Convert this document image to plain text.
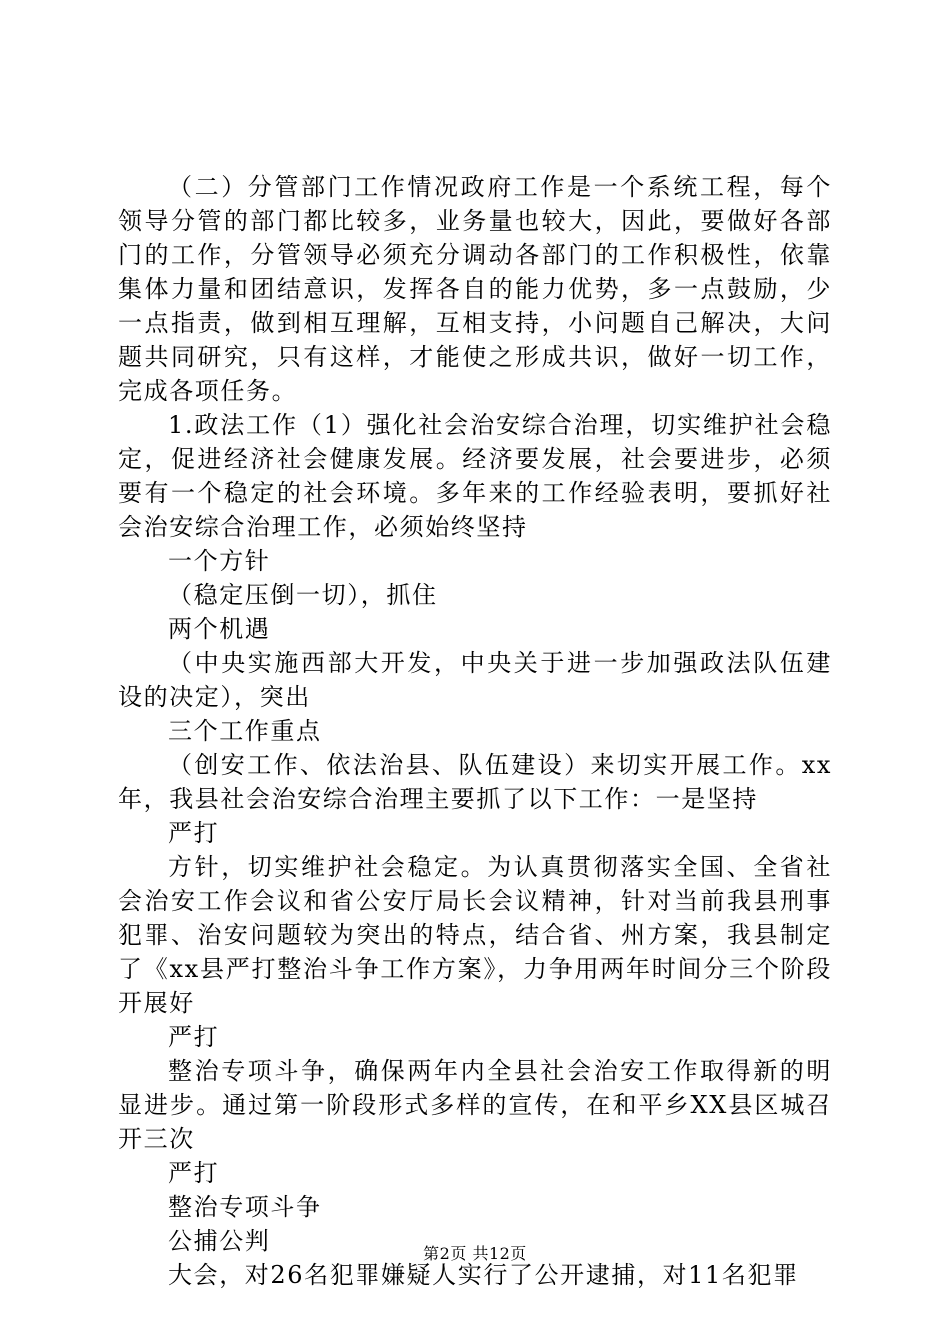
（二）分管部门工作情况政府工作是一个系统工程，每个领导分管的部门都比较多，业务量也较大，因此，要做好各部门的工作，分管领导必须充分调动各部门的工作积极性，依靠集体力量和团结意识，发挥各自的能力优势，多一点鼓励，少一点指责，做到相互理解，互相支持，小问题自己解决，大问题共同研究，只有这样，才能使之形成共识，做好一切工作，完成各项任务。

1.政法工作（1）强化社会治安综合治理，切实维护社会稳定，促进经济社会健康发展。经济要发展，社会要进步，必须要有一个稳定的社会环境。多年来的工作经验表明，要抓好社会治安综合治理工作，必须始终坚持

一个方针

（稳定压倒一切），抓住

两个机遇

（中央实施西部大开发，中央关于进一步加强政法队伍建设的决定），突出

三个工作重点

（创安工作、依法治县、队伍建设）来切实开展工作。xx年，我县社会治安综合治理主要抓了以下工作：一是坚持

严打

方针，切实维护社会稳定。为认真贯彻落实全国、全省社会治安工作会议和省公安厅局长会议精神，针对当前我县刑事犯罪、治安问题较为突出的特点，结合省、州方案，我县制定了《xx县严打整治斗争工作方案》，力争用两年时间分三个阶段开展好

严打

整治专项斗争，确保两年内全县社会治安工作取得新的明显进步。通过第一阶段形式多样的宣传，在和平乡XX县区城召开三次

严打

整治专项斗争

公捕公判

大会，对26名犯罪嫌疑人实行了公开逮捕，对11名犯罪

第2页 共12页
